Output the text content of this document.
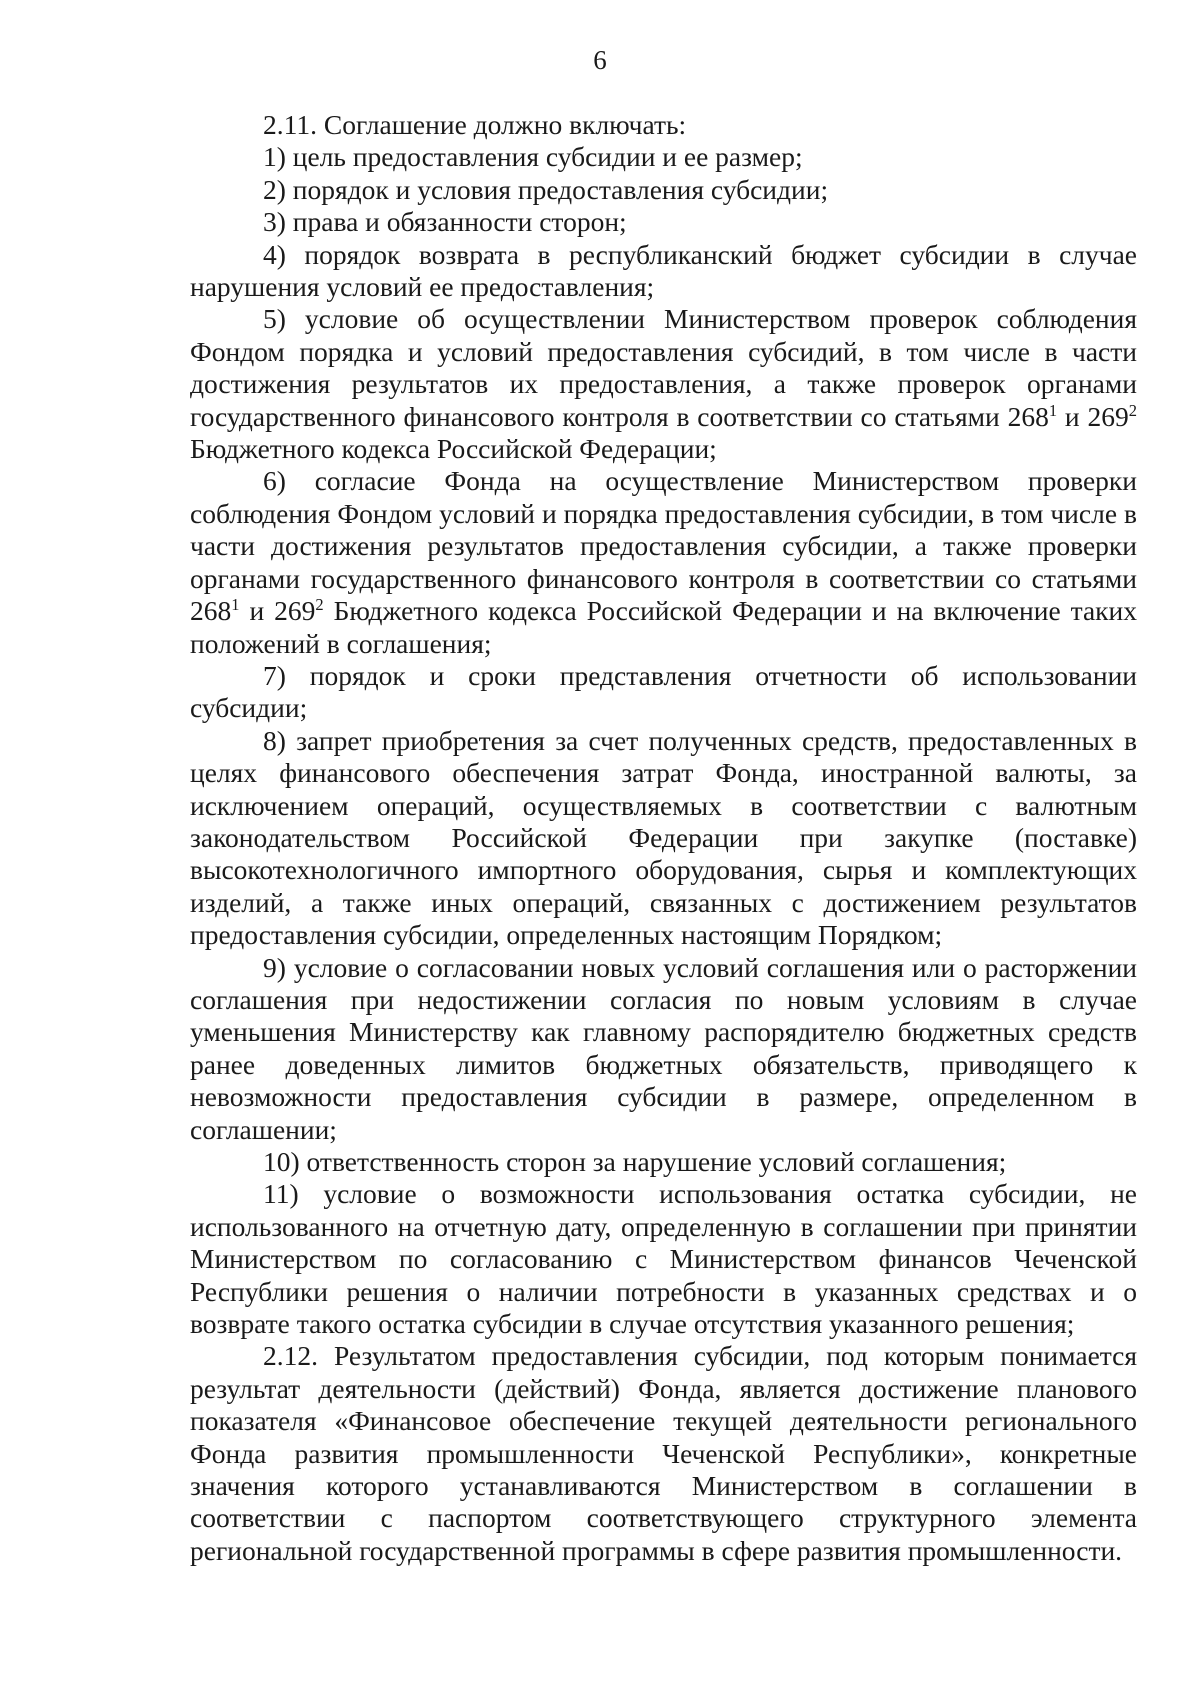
6

2.11. Соглашение должно включать:

1) цель предоставления субсидии и ее размер;

2) порядок и условия предоставления субсидии;

3) права и обязанности сторон;

4) порядок возврата в республиканский бюджет субсидии в случае нарушения условий ее предоставления;

5) условие об осуществлении Министерством проверок соблюдения Фондом порядка и условий предоставления субсидий, в том числе в части достижения результатов их предоставления, а также проверок органами государственного финансового контроля в соответствии со статьями $268^1$ и $269^2$ Бюджетного кодекса Российской Федерации;

6) согласие Фонда на осуществление Министерством проверки соблюдения Фондом условий и порядка предоставления субсидии, в том числе в части достижения результатов предоставления субсидии, а также проверки органами государственного финансового контроля в соответствии со статьями $268^1$ и $269^2$ Бюджетного кодекса Российской Федерации и на включение таких положений в соглашения;

7) порядок и сроки представления отчетности об использовании субсидии;

8) запрет приобретения за счет полученных средств, предоставленных в целях финансового обеспечения затрат Фонда, иностранной валюты, за исключением операций, осуществляемых в соответствии с валютным законодательством Российской Федерации при закупке (поставке) высокотехнологичного импортного оборудования, сырья и комплектующих изделий, а также иных операций, связанных с достижением результатов предоставления субсидии, определенных настоящим Порядком;

9) условие о согласовании новых условий соглашения или о расторжении соглашения при недостижении согласия по новым условиям в случае уменьшения Министерству как главному распорядителю бюджетных средств ранее доведенных лимитов бюджетных обязательств, приводящего к невозможности предоставления субсидии в размере, определенном в соглашении;

10) ответственность сторон за нарушение условий соглашения;

11) условие о возможности использования остатка субсидии, не использованного на отчетную дату, определенную в соглашении при принятии Министерством по согласованию с Министерством финансов Чеченской Республики решения о наличии потребности в указанных средствах и о возврате такого остатка субсидии в случае отсутствия указанного решения;

2.12. Результатом предоставления субсидии, под которым понимается результат деятельности (действий) Фонда, является достижение планового показателя «Финансовое обеспечение текущей деятельности регионального Фонда развития промышленности Чеченской Республики», конкретные значения которого устанавливаются Министерством в соглашении в соответствии с паспортом соответствующего структурного элемента региональной государственной программы в сфере развития промышленности.
